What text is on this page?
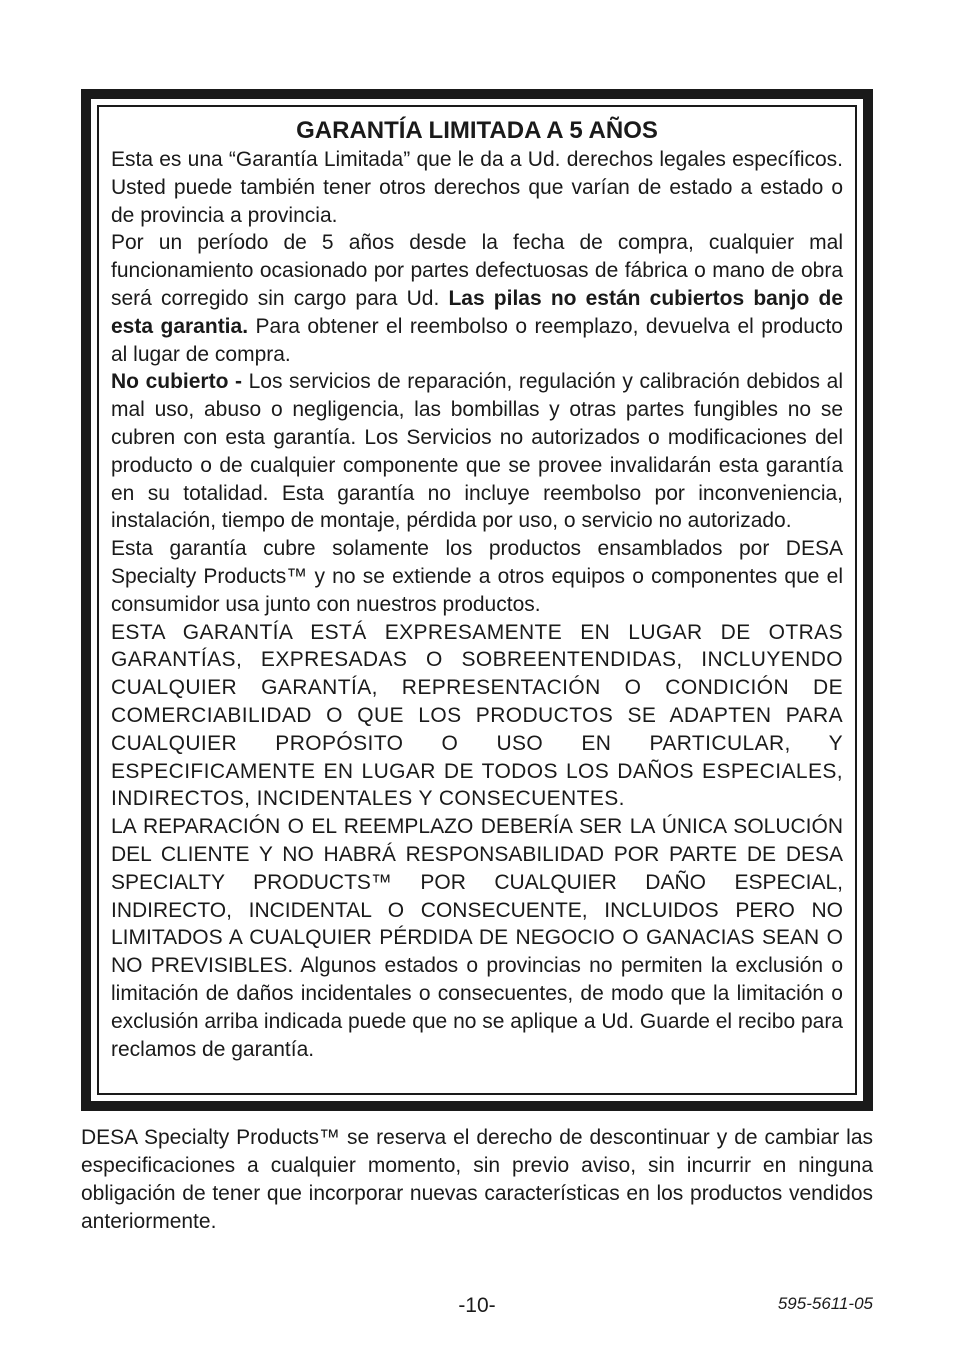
GARANTÍA LIMITADA A 5 AÑOS

Esta es una “Garantía Limitada” que le da a Ud. derechos legales específicos. Usted puede también tener otros derechos que varían de estado a estado o de provincia a provincia.

Por un período de 5 años desde la fecha de compra, cualquier mal funcionamiento ocasionado por partes defectuosas de fábrica o mano de obra será corregido sin cargo para Ud. Las pilas no están cubiertos banjo de esta garantia. Para obtener el reembolso o reemplazo, devuelva el producto al lugar de compra.

No cubierto - Los servicios de reparación, regulación y calibración debidos al mal uso, abuso o negligencia, las bombillas y otras partes fungibles no se cubren con esta garantía. Los Servicios no autorizados o modificaciones del producto o de cualquier componente que se provee invalidarán esta garantía en su totalidad. Esta garantía no incluye reembolso por inconveniencia, instalación, tiempo de montaje, pérdida por uso, o servicio no autorizado.

Esta garantía cubre solamente los productos ensamblados por DESA Specialty Products™ y no se extiende a otros equipos o componentes que el consumidor usa junto con nuestros productos.

ESTA GARANTÍA ESTÁ EXPRESAMENTE EN LUGAR DE OTRAS GARANTÍAS, EXPRESADAS O SOBREENTENDIDAS, INCLUYENDO CUALQUIER GARANTÍA, REPRESENTACIÓN O CONDICIÓN DE COMERCIABILIDAD O QUE LOS PRODUCTOS SE ADAPTEN PARA CUALQUIER PROPÓSITO O USO EN PARTICULAR, Y ESPECIFICAMENTE EN LUGAR DE TODOS LOS DAÑOS ESPECIALES, INDIRECTOS, INCIDENTALES Y CONSECUENTES.

LA REPARACIÓN O EL REEMPLAZO DEBERÍA SER LA ÚNICA SOLUCIÓN DEL CLIENTE Y NO HABRÁ RESPONSABILIDAD POR PARTE DE DESA SPECIALTY PRODUCTS™ POR CUALQUIER DAÑO ESPECIAL, INDIRECTO, INCIDENTAL O CONSECUENTE, INCLUIDOS PERO NO LIMITADOS A CUALQUIER PÉRDIDA DE NEGOCIO O GANACIAS SEAN O NO PREVISIBLES. Algunos estados o provincias no permiten la exclusión o limitación de daños incidentales o consecuentes, de modo que la limitación o exclusión arriba indicada puede que no se aplique a Ud. Guarde el recibo para reclamos de garantía.

DESA Specialty Products™ se reserva el derecho de descontinuar y de cambiar las especificaciones a cualquier momento, sin previo aviso, sin incurrir en ninguna obligación de tener que incorporar nuevas características en los productos vendidos anteriormente.

-10-	595-5611-05
